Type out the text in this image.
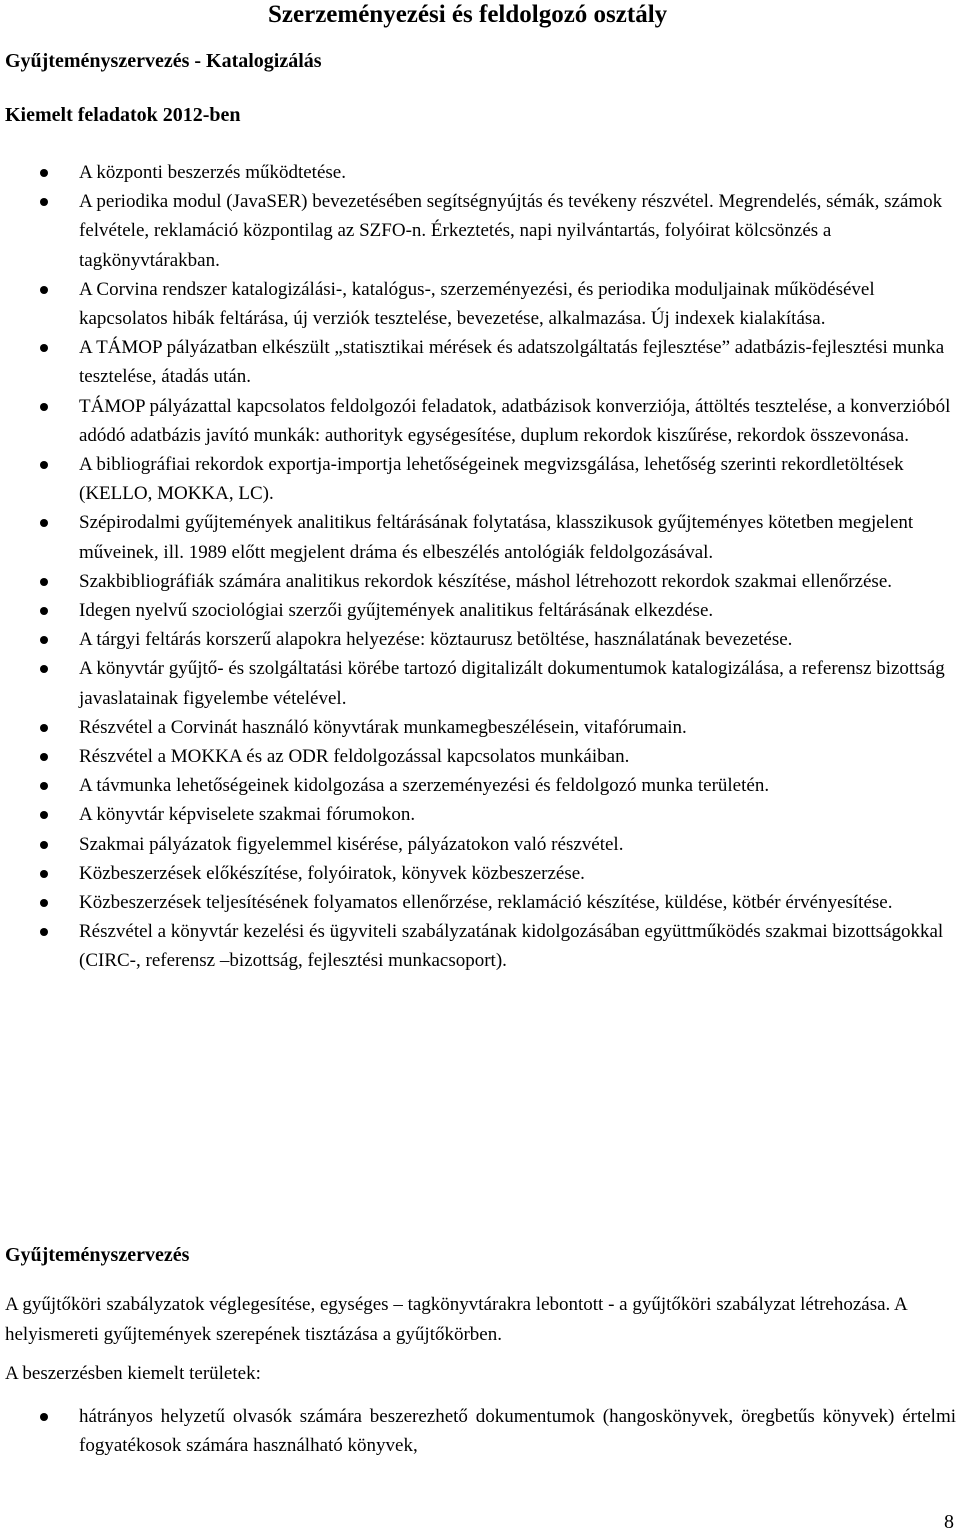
Szerzeményezési és feldolgozó osztály
Gyűjteményszervezés - Katalogizálás
Kiemelt feladatok 2012-ben
A központi beszerzés működtetése.
A periodika modul (JavaSER) bevezetésében segítségnyújtás és tevékeny részvétel. Megrendelés, sémák, számok felvétele, reklamáció központilag az SZFO-n. Érkeztetés, napi nyilvántartás, folyóirat kölcsönzés a tagkönyvtárakban.
A Corvina rendszer katalogizálási-, katalógus-, szerzeményezési, és periodika moduljainak működésével kapcsolatos hibák feltárása, új verziók tesztelése, bevezetése, alkalmazása. Új indexek kialakítása.
A TÁMOP pályázatban elkészült „statisztikai mérések és adatszolgáltatás fejlesztése” adatbázis-fejlesztési munka tesztelése, átadás után.
TÁMOP pályázattal kapcsolatos feldolgozói feladatok, adatbázisok konverziója, áttöltés tesztelése, a konverzióból adódó adatbázis javító munkák: authorityk egységesítése, duplum rekordok kiszűrése, rekordok összevonása.
A bibliográfiai rekordok exportja-importja lehetőségeinek megvizsgálása, lehetőség szerinti rekordletöltések (KELLO, MOKKA, LC).
Szépirodalmi gyűjtemények analitikus feltárásának folytatása, klasszikusok gyűjteményes kötetben megjelent műveinek, ill. 1989 előtt megjelent dráma és elbeszélés antológiák feldolgozásával.
Szakbibliográfiák számára analitikus rekordok készítése, máshol létrehozott rekordok szakmai ellenőrzése.
Idegen nyelvű szociológiai szerzői gyűjtemények analitikus feltárásának elkezdése.
A tárgyi feltárás korszerű alapokra helyezése: köztaurusz betöltése, használatának bevezetése.
A könyvtár gyűjtő- és szolgáltatási körébe tartozó digitalizált dokumentumok katalogizálása, a referensz bizottság javaslatainak figyelembe vételével.
Részvétel a Corvinát használó könyvtárak munkamegbeszélésein, vitafórumain.
Részvétel a MOKKA és az ODR feldolgozással kapcsolatos munkáiban.
A távmunka lehetőségeinek kidolgozása a szerzeményezési és feldolgozó munka területén.
A könyvtár képviselete szakmai fórumokon.
Szakmai pályázatok figyelemmel kisérése, pályázatokon való részvétel.
Közbeszerzések előkészítése, folyóiratok, könyvek közbeszerzése.
Közbeszerzések teljesítésének folyamatos ellenőrzése, reklamáció készítése, küldése, kötbér érvényesítése.
Részvétel a könyvtár kezelési és ügyviteli szabályzatának kidolgozásában együttműködés szakmai bizottságokkal (CIRC-, referensz –bizottság, fejlesztési munkacsoport).
Gyűjteményszervezés

A gyűjtőköri szabályzatok véglegesítése, egységes – tagkönyvtárakra lebontott - a gyűjtőköri szabályzat létrehozása. A helyismereti gyűjtemények szerepének tisztázása a gyűjtőkörben.

A beszerzésben kiemelt területek:

hátrányos helyzetű olvasók számára beszerezhető dokumentumok (hangoskönyvek, öregbetűs könyvek) értelmi fogyatékosok számára használható könyvek,
8
